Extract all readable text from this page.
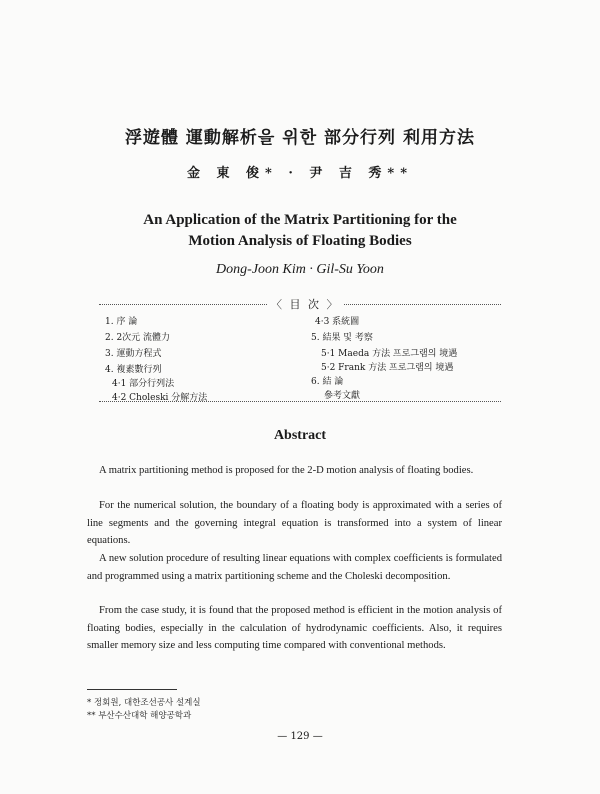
浮遊體 運動解析을 위한 部分行列 利用方法
金 東 俊* · 尹 吉 秀**
An Application of the Matrix Partitioning for the
Motion Analysis of Floating Bodies
Dong-Joon Kim · Gil-Su Yoon
〈 目 次 〉
1. 序 論
2. 2次元 流體力
3. 運動方程式
4. 複素數行列
4·1 部分行列法
4·2 Choleski 分解方法
4·3 系統圖
5. 結果 및 考察
5·1 Maeda 方法 프로그램의 境遇
5·2 Frank 方法 프로그램의 境遇
6. 結 論
參考文獻
Abstract
A matrix partitioning method is proposed for the 2-D motion analysis of floating bodies.
For the numerical solution, the boundary of a floating body is approximated with a series of line segments and the governing integral equation is transformed into a system of linear equations.
A new solution procedure of resulting linear equations with complex coefficients is formulated and programmed using a matrix partitioning scheme and the Choleski decomposition.
From the case study, it is found that the proposed method is efficient in the motion analysis of floating bodies, especially in the calculation of hydrodynamic coefficients. Also, it requires smaller memory size and less computing time compared with conventional methods.
* 정회원, 대한조선공사 설계실
** 부산수산대학 해양공학과
— 129 —
